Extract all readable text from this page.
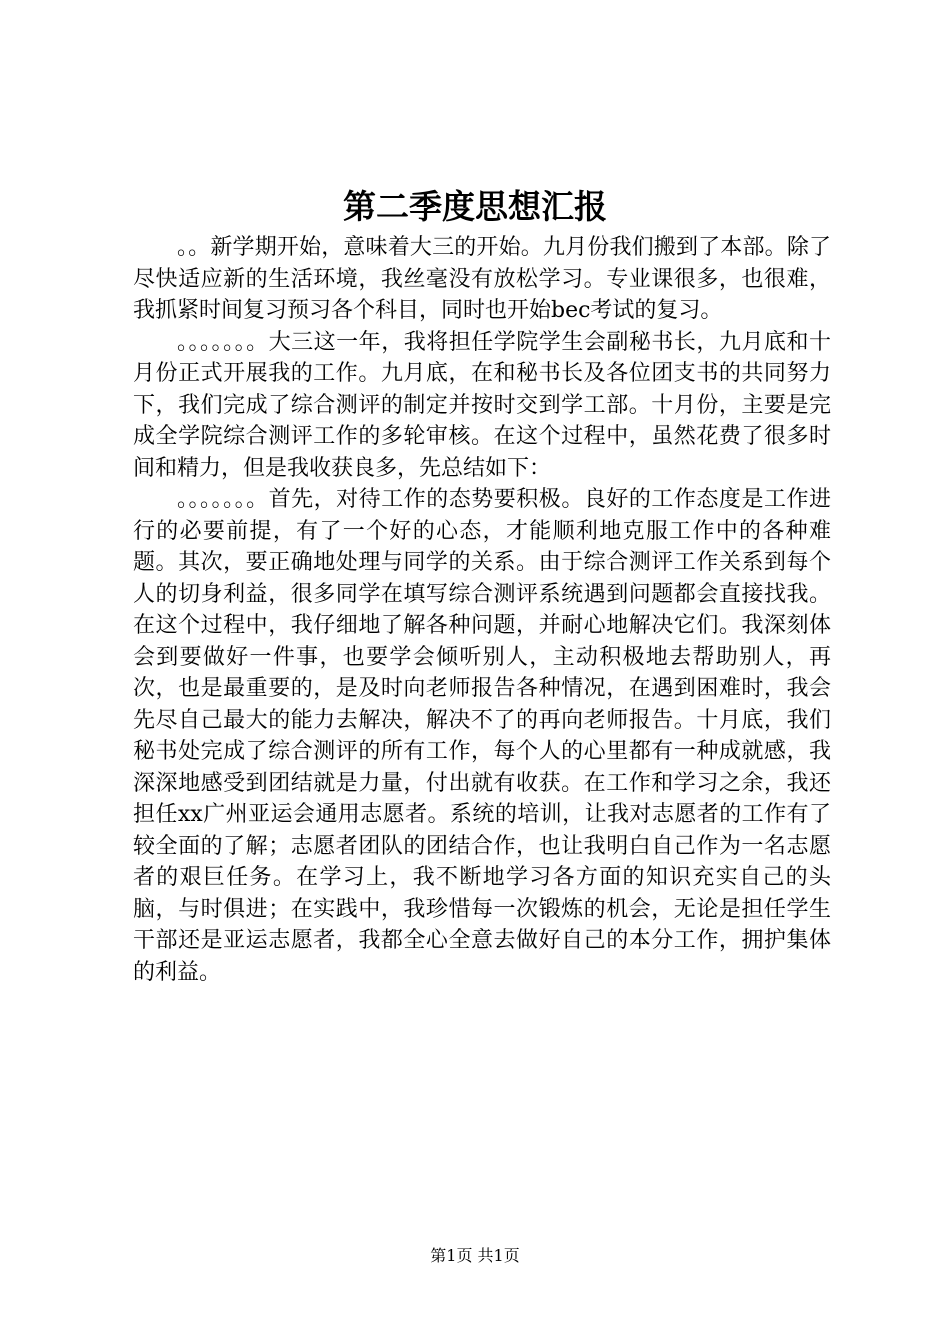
第二季度思想汇报

。。新学期开始，意味着大三的开始。九月份我们搬到了本部。除了尽快适应新的生活环境，我丝毫没有放松学习。专业课很多，也很难，我抓紧时间复习预习各个科目，同时也开始bec考试的复习。

。。。。。。。大三这一年，我将担任学院学生会副秘书长，九月底和十月份正式开展我的工作。九月底，在和秘书长及各位团支书的共同努力下，我们完成了综合测评的制定并按时交到学工部。十月份，主要是完成全学院综合测评工作的多轮审核。在这个过程中，虽然花费了很多时间和精力，但是我收获良多，先总结如下：

。。。。。。。首先，对待工作的态势要积极。良好的工作态度是工作进行的必要前提，有了一个好的心态，才能顺利地克服工作中的各种难题。其次，要正确地处理与同学的关系。由于综合测评工作关系到每个人的切身利益，很多同学在填写综合测评系统遇到问题都会直接找我。在这个过程中，我仔细地了解各种问题，并耐心地解决它们。我深刻体会到要做好一件事，也要学会倾听别人，主动积极地去帮助别人，再次，也是最重要的，是及时向老师报告各种情况，在遇到困难时，我会先尽自己最大的能力去解决，解决不了的再向老师报告。十月底，我们秘书处完成了综合测评的所有工作，每个人的心里都有一种成就感，我深深地感受到团结就是力量，付出就有收获。在工作和学习之余，我还担任xx广州亚运会通用志愿者。系统的培训，让我对志愿者的工作有了较全面的了解；志愿者团队的团结合作，也让我明白自己作为一名志愿者的艰巨任务。在学习上，我不断地学习各方面的知识充实自己的头脑，与时俱进；在实践中，我珍惜每一次锻炼的机会，无论是担任学生干部还是亚运志愿者，我都全心全意去做好自己的本分工作，拥护集体的利益。

第1页 共1页
